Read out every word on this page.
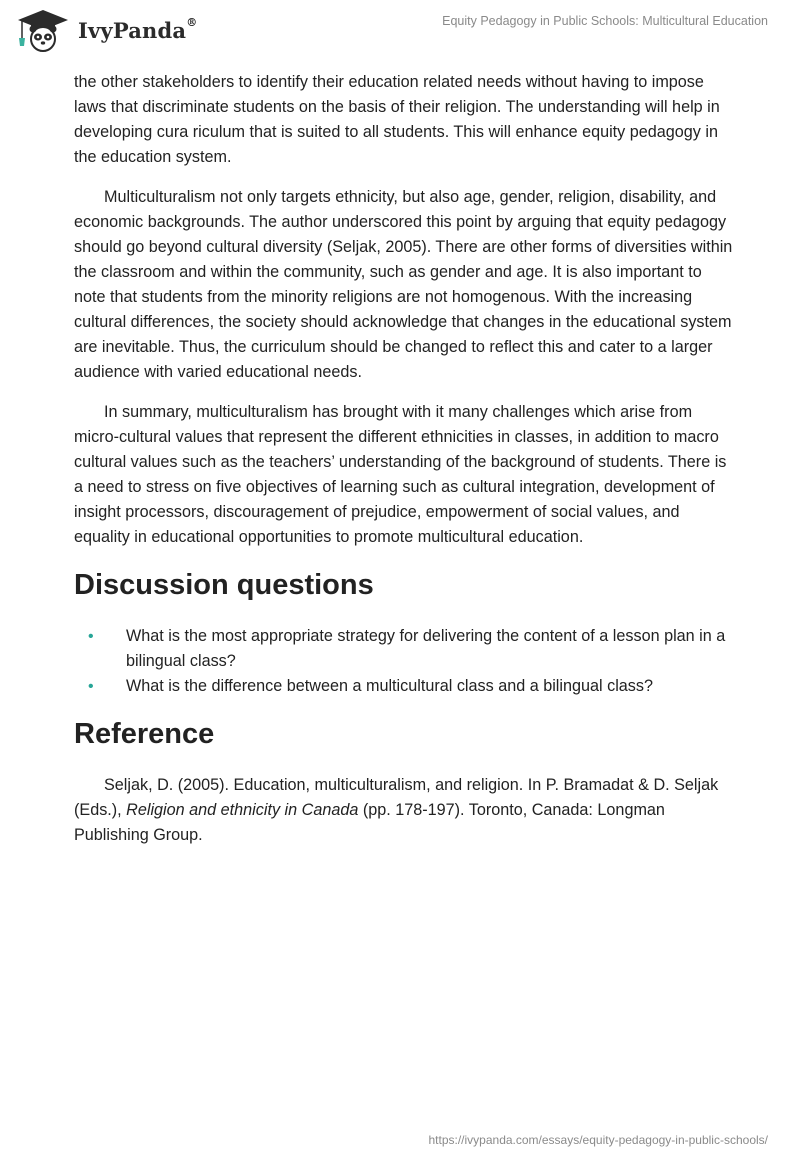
IvyPanda®	Equity Pedagogy in Public Schools: Multicultural Education

the other stakeholders to identify their education related needs without having to impose laws that discriminate students on the basis of their religion. The understanding will help in developing cura riculum that is suited to all students. This will enhance equity pedagogy in the education system.

Multiculturalism not only targets ethnicity, but also age, gender, religion, disability, and economic backgrounds. The author underscored this point by arguing that equity pedagogy should go beyond cultural diversity (Seljak, 2005). There are other forms of diversities within the classroom and within the community, such as gender and age. It is also important to note that students from the minority religions are not homogenous. With the increasing cultural differences, the society should acknowledge that changes in the educational system are inevitable. Thus, the curriculum should be changed to reflect this and cater to a larger audience with varied educational needs.

In summary, multiculturalism has brought with it many challenges which arise from micro-cultural values that represent the different ethnicities in classes, in addition to macro cultural values such as the teachers’ understanding of the background of students. There is a need to stress on five objectives of learning such as cultural integration, development of insight processors, discouragement of prejudice, empowerment of social values, and equality in educational opportunities to promote multicultural education.

Discussion questions
• What is the most appropriate strategy for delivering the content of a lesson plan in a bilingual class?
• What is the difference between a multicultural class and a bilingual class?
Reference

Seljak, D. (2005). Education, multiculturalism, and religion. In P. Bramadat & D. Seljak (Eds.), Religion and ethnicity in Canada (pp. 178-197). Toronto, Canada: Longman Publishing Group.

https://ivypanda.com/essays/equity-pedagogy-in-public-schools/
